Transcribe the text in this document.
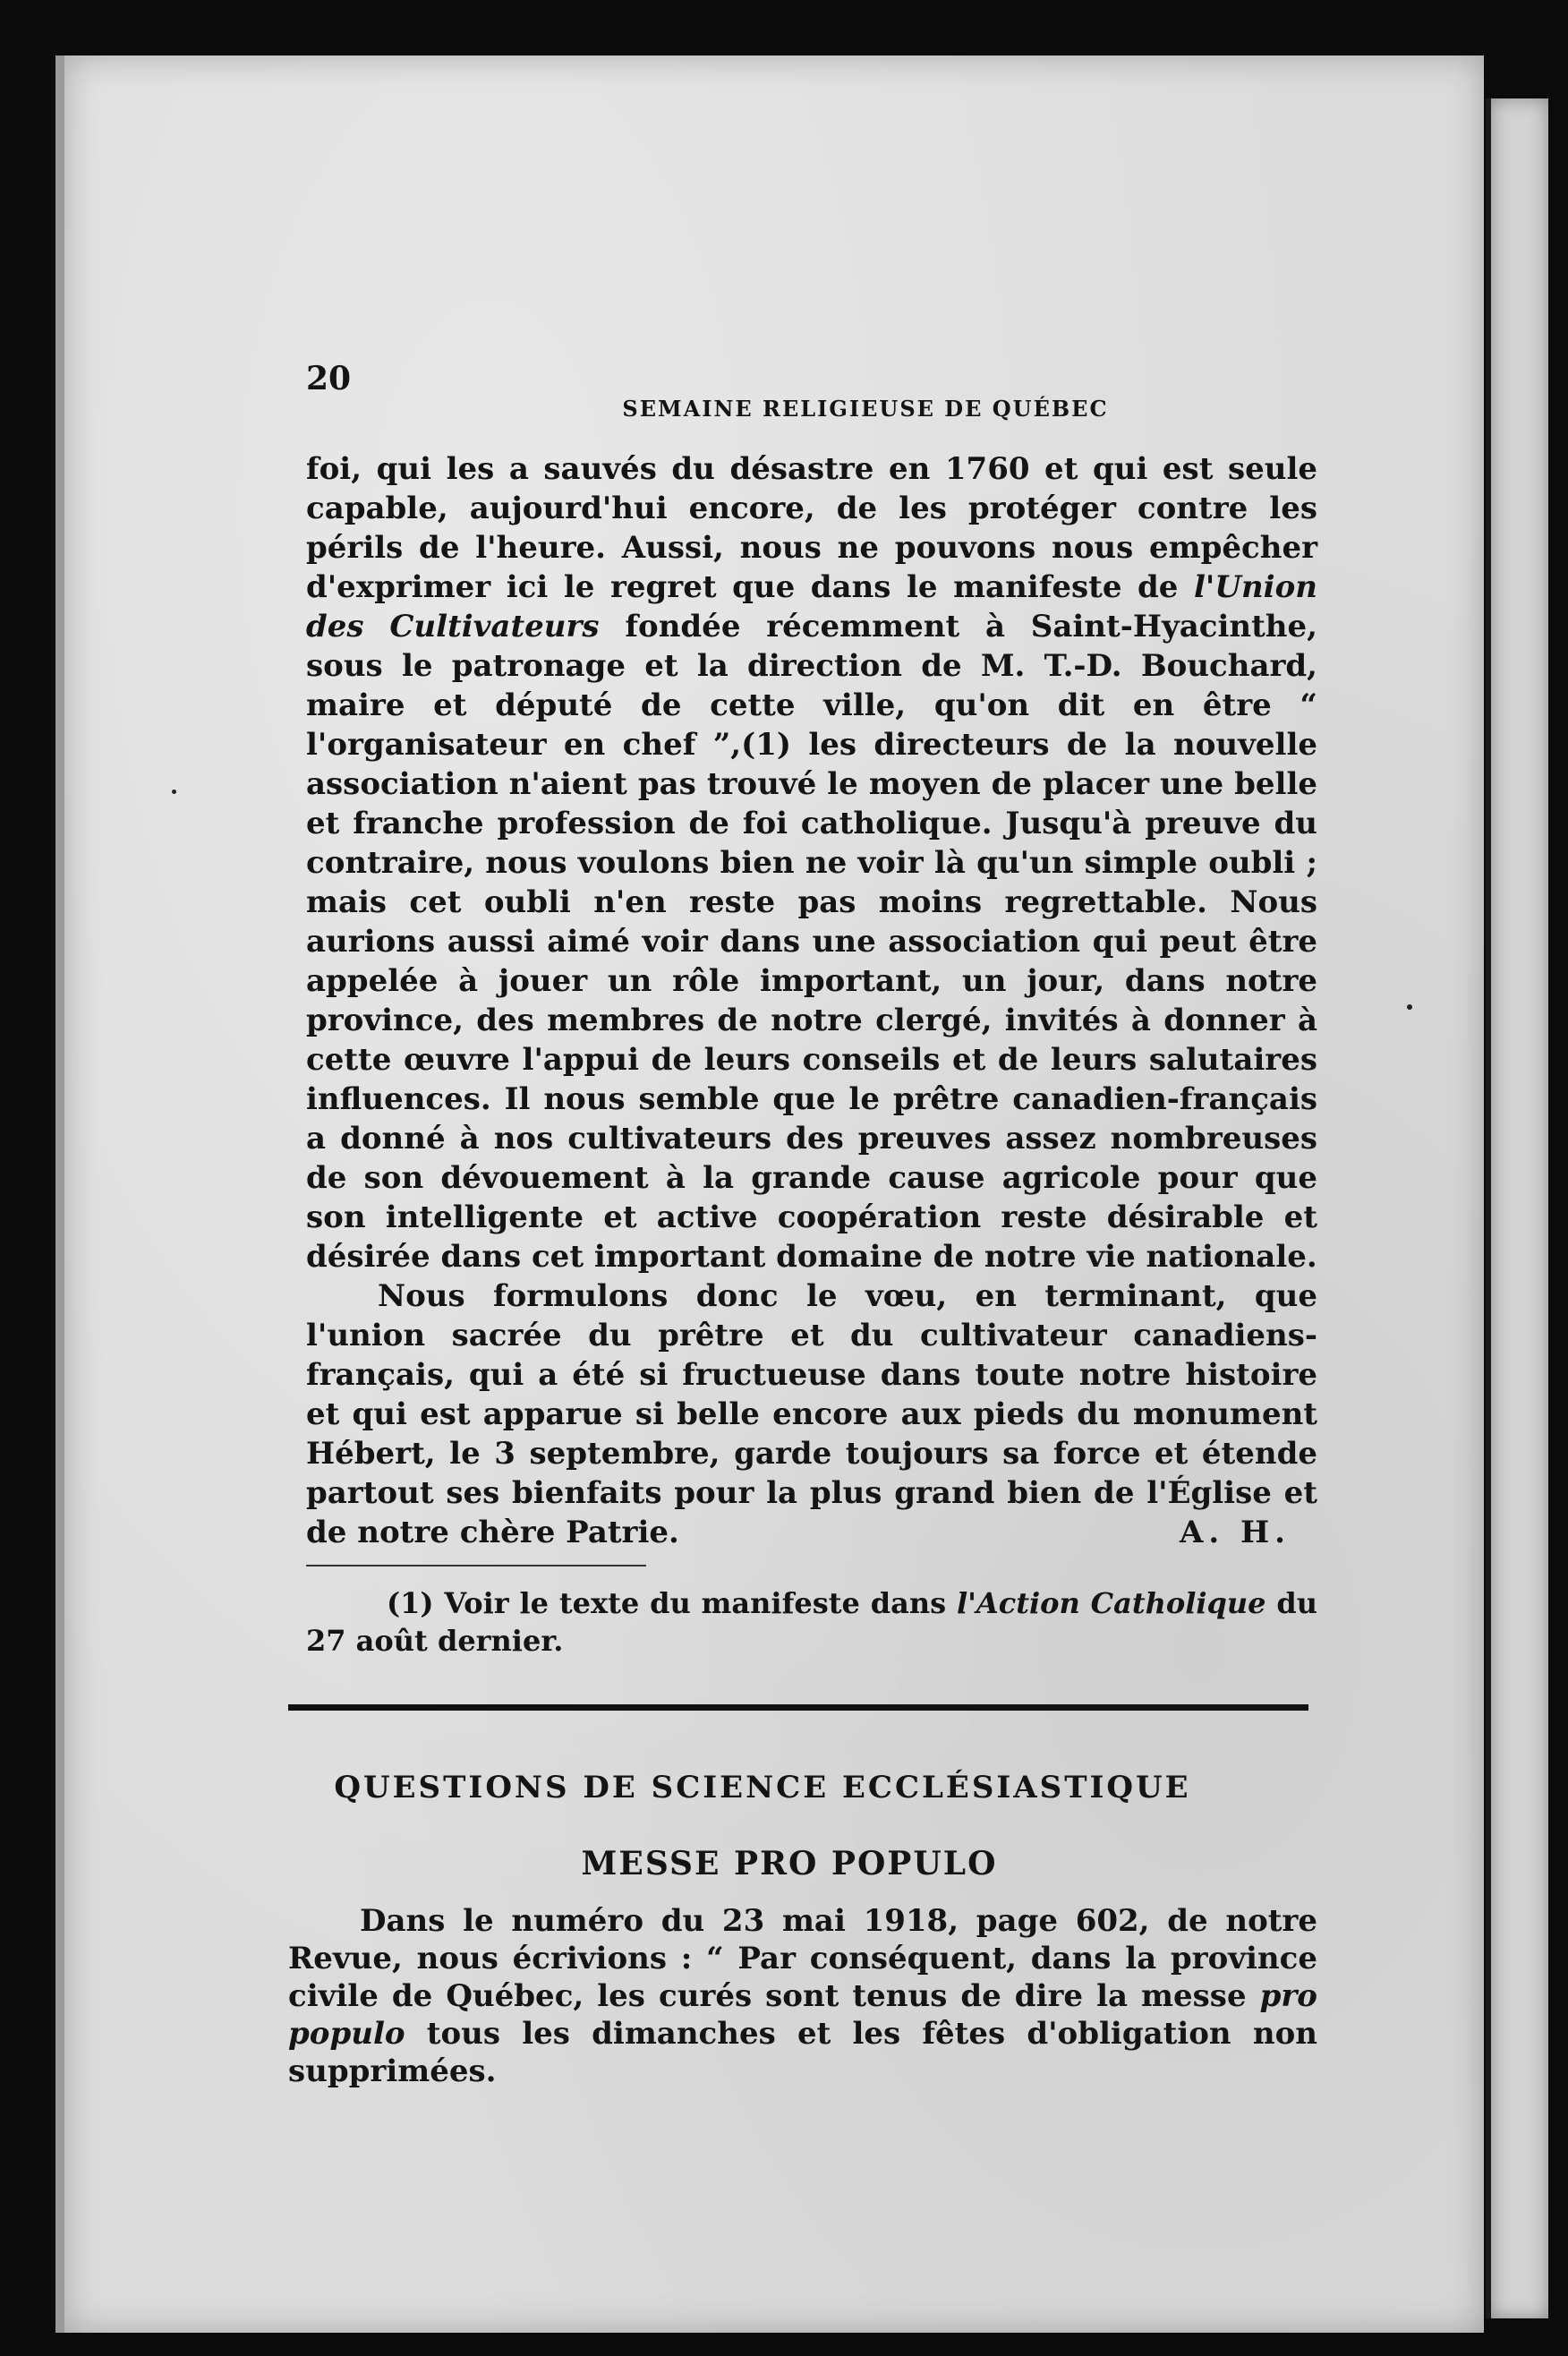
20
SEMAINE RELIGIEUSE DE QUÉBEC

foi, qui les a sauvés du désastre en 1760 et qui est seule capable, aujourd'hui encore, de les protéger contre les périls de l'heure. Aussi, nous ne pouvons nous empêcher d'exprimer ici le regret que dans le manifeste de l'Union des Cultivateurs fondée récemment à Saint-Hyacinthe, sous le patronage et la direction de M. T.-D. Bouchard, maire et député de cette ville, qu'on dit en être “ l'organisateur en chef ”,(1) les directeurs de la nouvelle association n'aient pas trouvé le moyen de placer une belle et franche profession de foi catholique. Jusqu'à preuve du contraire, nous voulons bien ne voir là qu'un simple oubli ; mais cet oubli n'en reste pas moins regrettable. Nous aurions aussi aimé voir dans une association qui peut être appelée à jouer un rôle important, un jour, dans notre province, des membres de notre clergé, invités à donner à cette œuvre l'appui de leurs conseils et de leurs salutaires influences. Il nous semble que le prêtre canadien-français a donné à nos cultivateurs des preuves assez nombreuses de son dévouement à la grande cause agricole pour que son intelligente et active coopération reste désirable et désirée dans cet important domaine de notre vie nationale.

Nous formulons donc le vœu, en terminant, que l'union sacrée du prêtre et du cultivateur canadiens-français, qui a été si fructueuse dans toute notre histoire et qui est apparue si belle encore aux pieds du monument Hébert, le 3 septembre, garde toujours sa force et étende partout ses bienfaits pour la plus grand bien de l'Église et de notre chère Patrie.	A. H.

(1) Voir le texte du manifeste dans l'Action Catholique du 27 août dernier.

QUESTIONS DE SCIENCE ECCLÉSIASTIQUE
MESSE PRO POPULO

Dans le numéro du 23 mai 1918, page 602, de notre Revue, nous écrivions : “ Par conséquent, dans la province civile de Québec, les curés sont tenus de dire la messe pro populo tous les dimanches et les fêtes d'obligation non supprimées.
